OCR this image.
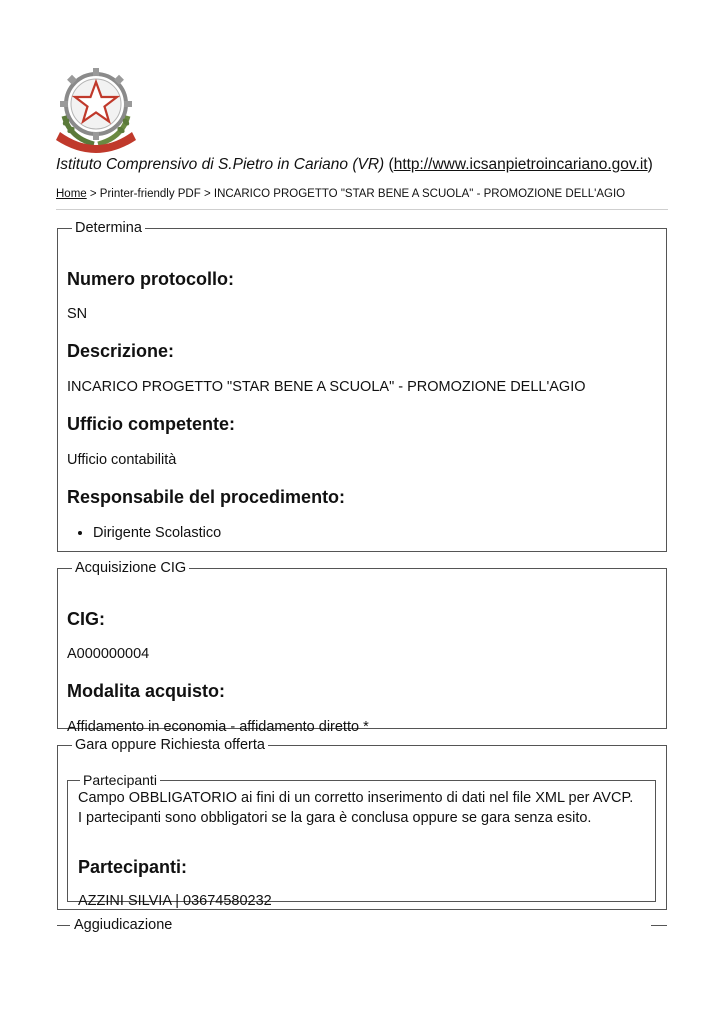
Istituto Comprensivo di S.Pietro in Cariano (VR) (http://www.icsanpietroincariano.gov.it)
Home > Printer-friendly PDF > INCARICO PROGETTO "STAR BENE A SCUOLA" - PROMOZIONE DELL'AGIO
Determina
Numero protocollo:

SN

Descrizione:

INCARICO PROGETTO "STAR BENE A SCUOLA" - PROMOZIONE DELL'AGIO

Ufficio competente:

Ufficio contabilità

Responsabile del procedimento:
• Dirigente Scolastico
Acquisizione CIG
CIG:

A000000004

Modalita acquisto:

Affidamento in economia - affidamento diretto *

Gara oppure Richiesta offerta
Partecipanti

Campo OBBLIGATORIO ai fini di un corretto inserimento di dati nel file XML per AVCP.

I partecipanti sono obbligatori se la gara è conclusa oppure se gara senza esito.

Partecipanti:

AZZINI SILVIA | 03674580232

Aggiudicazione
